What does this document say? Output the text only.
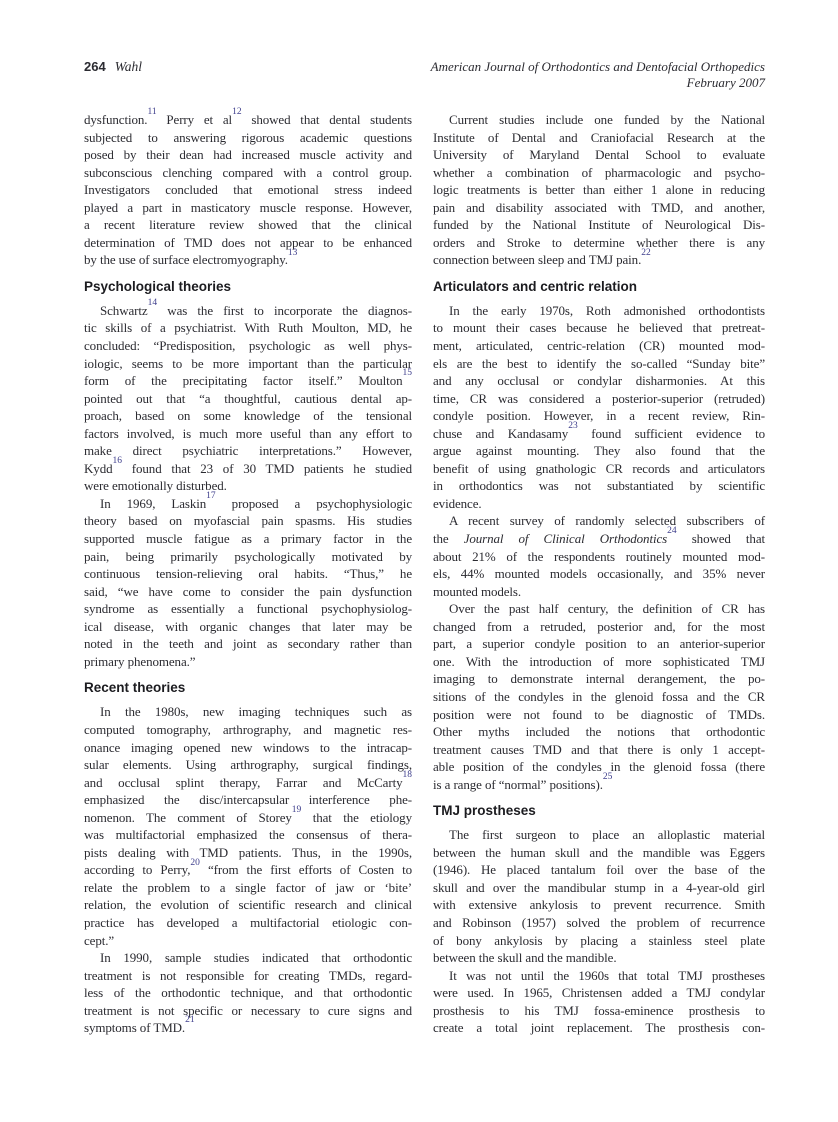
264 Wahl	American Journal of Orthodontics and Dentofacial Orthopedics
February 2007

dysfunction.$^{11}$ Perry et al$^{12}$ showed that dental students
subjected to answering rigorous academic questions
posed by their dean had increased muscle activity and
subconscious clenching compared with a control group.
Investigators concluded that emotional stress indeed
played a part in masticatory muscle response. However,
a recent literature review showed that the clinical
determination of TMD does not appear to be enhanced
by the use of surface electromyography.$^{13}$

Psychological theories

Schwartz$^{14}$ was the first to incorporate the diagnos-
tic skills of a psychiatrist. With Ruth Moulton, MD, he
concluded: “Predisposition, psychologic as well phys-
iologic, seems to be more important than the particular
form of the precipitating factor itself.” Moulton$^{15}$
pointed out that “a thoughtful, cautious dental ap-
proach, based on some knowledge of the tensional
factors involved, is much more useful than any effort to
make direct psychiatric interpretations.” However,
Kydd$^{16}$ found that 23 of 30 TMD patients he studied
were emotionally disturbed.

In 1969, Laskin$^{17}$ proposed a psychophysiologic
theory based on myofascial pain spasms. His studies
supported muscle fatigue as a primary factor in the
pain, being primarily psychologically motivated by
continuous tension-relieving oral habits. “Thus,” he
said, “we have come to consider the pain dysfunction
syndrome as essentially a functional psychophysiolog-
ical disease, with organic changes that later may be
noted in the teeth and joint as secondary rather than
primary phenomena.”

Recent theories

In the 1980s, new imaging techniques such as
computed tomography, arthrography, and magnetic res-
onance imaging opened new windows to the intracap-
sular elements. Using arthrography, surgical findings,
and occlusal splint therapy, Farrar and McCarty$^{18}$
emphasized the disc/intercapsular interference phe-
nomenon. The comment of Storey$^{19}$ that the etiology
was multifactorial emphasized the consensus of thera-
pists dealing with TMD patients. Thus, in the 1990s,
according to Perry,$^{20}$ “from the first efforts of Costen to
relate the problem to a single factor of jaw or ‘bite’
relation, the evolution of scientific research and clinical
practice has developed a multifactorial etiologic con-
cept.”

In 1990, sample studies indicated that orthodontic
treatment is not responsible for creating TMDs, regard-
less of the orthodontic technique, and that orthodontic
treatment is not specific or necessary to cure signs and
symptoms of TMD.$^{21}$

Current studies include one funded by the National
Institute of Dental and Craniofacial Research at the
University of Maryland Dental School to evaluate
whether a combination of pharmacologic and psycho-
logic treatments is better than either 1 alone in reducing
pain and disability associated with TMD, and another,
funded by the National Institute of Neurological Dis-
orders and Stroke to determine whether there is any
connection between sleep and TMJ pain.$^{22}$

Articulators and centric relation

In the early 1970s, Roth admonished orthodontists
to mount their cases because he believed that pretreat-
ment, articulated, centric-relation (CR) mounted mod-
els are the best to identify the so-called “Sunday bite”
and any occlusal or condylar disharmonies. At this
time, CR was considered a posterior-superior (retruded)
condyle position. However, in a recent review, Rin-
chuse and Kandasamy$^{23}$ found sufficient evidence to
argue against mounting. They also found that the
benefit of using gnathologic CR records and articulators
in orthodontics was not substantiated by scientific
evidence.

A recent survey of randomly selected subscribers of
the Journal of Clinical Orthodontics$^{24}$ showed that
about 21% of the respondents routinely mounted mod-
els, 44% mounted models occasionally, and 35% never
mounted models.

Over the past half century, the definition of CR has
changed from a retruded, posterior and, for the most
part, a superior condyle position to an anterior-superior
one. With the introduction of more sophisticated TMJ
imaging to demonstrate internal derangement, the po-
sitions of the condyles in the glenoid fossa and the CR
position were not found to be diagnostic of TMDs.
Other myths included the notions that orthodontic
treatment causes TMD and that there is only 1 accept-
able position of the condyles in the glenoid fossa (there
is a range of “normal” positions).$^{25}$

TMJ prostheses

The first surgeon to place an alloplastic material
between the human skull and the mandible was Eggers
(1946). He placed tantalum foil over the base of the
skull and over the mandibular stump in a 4-year-old girl
with extensive ankylosis to prevent recurrence. Smith
and Robinson (1957) solved the problem of recurrence
of bony ankylosis by placing a stainless steel plate
between the skull and the mandible.

It was not until the 1960s that total TMJ prostheses
were used. In 1965, Christensen added a TMJ condylar
prosthesis to his TMJ fossa-eminence prosthesis to
create a total joint replacement. The prosthesis con-
